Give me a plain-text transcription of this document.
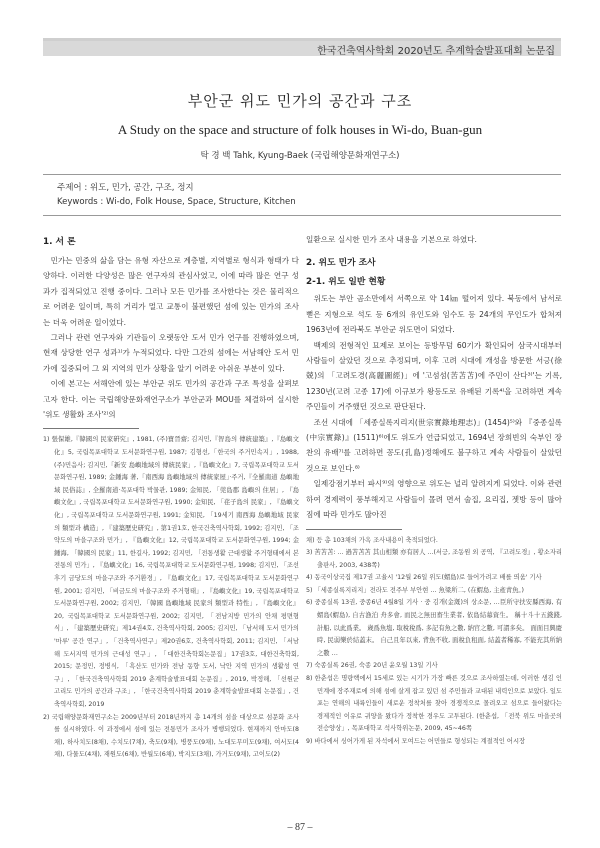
한국건축역사학회 2020년도 추계학술발표대회 논문집
부안군 위도 민가의 공간과 구조
A Study on the space and structure of folk houses in Wi-do, Buan-gun
탁 경 백 Tahk, Kyung-Baek (국립해양문화재연구소)
주제어 : 위도, 민가, 공간, 구조, 정지
Keywords : Wi-do, Folk House, Space, Structure, Kitchen
1. 서 론
민가는 민중의 삶을 담는 유형 자산으로 계층별, 지역별로 형식과 형태가 다양하다. 이러한 다양성은 많은 연구자의 관심사였고, 이에 따라 많은 연구 성과가 집적되었고 진행 중이다. 그러나 모든 민가를 조사한다는 것은 물리적으로 어려운 일이며, 특히 거리가 멀고 교통이 불편했던 섬에 있는 민가의 조사는 더욱 어려운 일이었다.
그러나 관련 연구자와 기관들이 오랫동안 도서 민가 연구를 진행하였으며, 현재 상당한 연구 성과¹⁾가 누적되었다. 다만 그간의 섬에는 서남해안 도서 민가에 집중되어 그 외 지역의 민가 상황을 알기 어려운 아쉬운 부분이 있다.
이에 본고는 서해안에 있는 부안군 위도 민가의 공간과 구조 특성을 살펴보고자 한다. 이는 국립해양문화재연구소가 부안군과 MOU를 체결하여 실시한 '위도 생활화 조사'²⁾의
1) 張保雄,『韓國의 民家硏究』, 1981, (주)寶晉齋; 김지민,『智島의 傳統建築』,『島嶼文化』5, 국립목포대학교 도서문화연구원, 1987; 김형선,「한국의 주거민속지」, 1988, (주)민음사; 김지민,「新安 島嶼地域의 傳統民家」,『島嶼文化』7, 국립목포대학교 도서문화연구원, 1989; 金鍾海 著,「南西海 島嶼地域의 傳統家屋」·주거,『全羅南道 島嶼地域 民俗誌』, 全羅南道·목포대학 박물관, 1989; 金知民, 「莞島郡 島嶼의 住居」, 『島嶼文化』, 국립목포대학교 도서문화연구원, 1990; 金知民, 「荏子島의 民家」, 『島嶼文化』, 국립목포대학교 도서문화연구원, 1991; 金知民, 「19세기 南西海 島嶼地域 民家의 類型과 構造」, 『建築歷史硏究』, 第1권1호, 한국건축역사학회, 1992; 김지민, 「조약도의 마을구조와 민가」, 『島嶼文化』12, 국립목포대학교 도서문화연구원, 1994; 金鍾海, 「韓國의 民家」11, 한길사, 1992; 김지민, 「전통생활 근대생활 주거형태에서 본 전통의 민가」, 『島嶼文化』16, 국립목포대학교 도서문화연구원, 1998; 김지민, 「조선후기 금당도의 마을구조와 주거환경」, 『島嶼文化』17, 국립목포대학교 도서문화연구원, 2001; 김지민, 「비금도의 마을구조와 주거형태」, 『島嶼文化』19, 국립목포대학교 도서문화연구원, 2002; 김지민, 「韓國 島嶼地域 民家의 類型과 特性」, 『島嶼文化』20, 국립목포대학교 도서문화연구원, 2002; 김지민, 「전남지방 민가의 안채 평면형식」, 「建築歷史硏究」제14권4호, 건축역사학회, 2005; 김지민, 「남서해 도서 민가의 '마루' 공간 연구」, 「건축역사연구」제20권6호, 건축역사학회, 2011; 김지민, 「서남해 도서지역 민가의 근대성 연구」, 「대한건축학회논문집」17권3호, 대한건축학회, 2015; 문정민, 정병식, 「흑산도 민가와 전남 동향 도서, 낙안 지역 민가의 생활성 연구」, 「한국건축역사학회 2019 춘계학술발표대회 논문집」, 2019, 박정해, 「선원군 고리도 민가의 공간과 구조」, 「한국건축역사학회 2019 춘계학술발표대회 논문집」, 건축역사학회, 2019
2) 국립해양문화재연구소는 2009년부터 2018년까지 총 14개의 섬을 대상으로 섬문화 조사를 실시하였다. 이 과정에서 섬에 있는 전통민가 조사가 병행되었다. 현재까지 안마도(8채), 하사치도(8채), 수치도(7채), 축도(9채), 병풍도(9채), 노대도무미도(9채), 여서도(4채), 다물도(4채), 재원도(6채), 반월도(6채), 박지도(3채), 가거도(9채), 고이도(2)
일환으로 실시한 민가 조사 내용을 기본으로 하였다.
2. 위도 민가 조사
2-1. 위도 일반 현황
위도는 부안 곰소만에서 서쪽으로 약 14㎞ 떨어져 있다. 북동에서 남서로 뻗은 지형으로 석도 등 6개의 유인도와 임수도 등 24개의 무인도가 합쳐져 1963년에 전라북도 부안군 위도면이 되었다.
백제의 전형적인 묘제로 보이는 등방무덤 60기가 확인되어 삼국시대부터 사람들이 살았던 것으로 추정되며, 이후 고려 시대에 개성을 방문한 서긍(徐兢)의 「고려도경(高麗圖經)」에 '고섬섬(苦苫苫)에 주민이 산다³⁾'는 기록, 1230년(고려 고종 17)에 이규보가 왕등도로 유배된 기록⁴⁾을 고려하면 계속 주민들이 거주했던 것으로 판단된다.
조선 시대에 「세종실록지리지(世宗實錄地理志)」(1454)⁵⁾와 『중종실록(中宗實錄)』(1511)⁶⁾에도 위도가 언급되었고, 1694년 장희빈의 숙부인 장찬의 유배⁷⁾를 고려하면 꽁도(孔島)정해에도 불구하고 계속 사람들이 살았던 것으로 보인다.⁸⁾
일제강점기부터 파시⁹⁾의 영향으로 위도는 널리 알려지게 되었다. 이와 관련하여 경제력이 풍부해지고 사람들이 몰려 면서 술집, 요리집, 젯방 등이 많아짐에 따라 민가도 많아진
채) 등 총 103채의 가옥 조사내용이 축적되었다.
3) 苦苫苫: ... 過苫苫苫 其山相類 亦有居人 ...(서긍, 조동원 외 공역, 『고려도경』, 황소자리출판사, 2003, 438쪽)
4) 동국이상국집 제17권 고율시 '12월 26일 위도(蝟島)로 들어가려고 배를 띄움' 기사
5) 「세종실록지리지」전라도 전주부 부안현 … 魚梁所二, (在蝟島, 主產靑魚。)
6) 중종실록 13권, 중종6년 4월8일 기사 · 중 김개(金漑)의 상소문, …臣所守扶安縣西海, 有蝟島(蝟島), 自古漁泊 舟多會, 而民之無田畜生業者, 依島結幕資生。 稱十斗十五錢錢, 計船, 以此爲業。 歲爲魚塩, 取稅稅爲, 多記有魚之數, 納官之數, 可謂多矣。 面面目興慶時, 民弱樂於結蓋末。 自己且年以來, 背魚不收, 面稅負租面, 結蓋者稀寡, 不能充其所納之數 …
7) 숙종실록 26권, 숙종 20년 윤오월 13일 기사
8) 한춘섭은 명량핵에서 15세로 있는 시기가 가장 빠른 것으로 조사하였는데, 이러한 생김 인민계에 장주재로에 의해 섬에 살게 잡고 있던 섬 주민들과 교대된 내력인으로 보았다. 일도포는 연해의 내륙인들이 새로운 정착처를 찾아 경쟁적으로 몰려오고 섬으로 들어왔다는 경제적인 이유로 귀양을 왔다가 정착한 경우도 고투된다. (한춘섭, 「전북 위도 마을곳의 전승양상」, 목포대학교 석사학위논문, 2009, 45~46쪽
9) 바다에서 싱어가게 된 자석에서 모여드는 어민들로 형성되는 계절적인 어시장
– 87 –
